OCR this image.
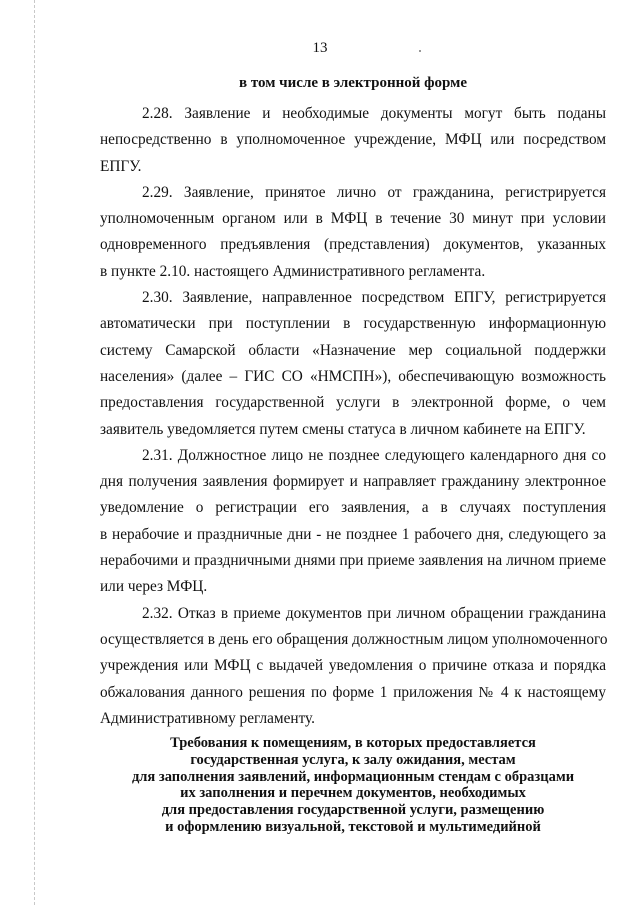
13
в том числе в электронной форме

2.28. Заявление и необходимые документы могут быть поданы
непосредственно в уполномоченное учреждение, МФЦ или посредством
ЕПГУ.

2.29. Заявление, принятое лично от гражданина, регистрируется
уполномоченным органом или в МФЦ в течение 30 минут при условии
одновременного предъявления (представления) документов, указанных
в пункте 2.10. настоящего Административного регламента.

2.30. Заявление, направленное посредством ЕПГУ, регистрируется
автоматически при поступлении в государственную информационную
систему Самарской области «Назначение мер социальной поддержки
населения» (далее – ГИС СО «НМСПН»), обеспечивающую возможность
предоставления государственной услуги в электронной форме, о чем
заявитель уведомляется путем смены статуса в личном кабинете на ЕПГУ.

2.31. Должностное лицо не позднее следующего календарного дня со
дня получения заявления формирует и направляет гражданину электронное
уведомление о регистрации его заявления, а в случаях поступления
в нерабочие и праздничные дни - не позднее 1 рабочего дня, следующего за
нерабочими и праздничными днями при приеме заявления на личном приеме
или через МФЦ.

2.32. Отказ в приеме документов при личном обращении гражданина
осуществляется в день его обращения должностным лицом уполномоченного
учреждения или МФЦ с выдачей уведомления о причине отказа и порядка
обжалования данного решения по форме 1 приложения № 4 к настоящему
Административному регламенту.

Требования к помещениям, в которых предоставляется
государственная услуга, к залу ожидания, местам
для заполнения заявлений, информационным стендам с образцами
их заполнения и перечнем документов, необходимых
для предоставления государственной услуги, размещению
и оформлению визуальной, текстовой и мультимедийной
